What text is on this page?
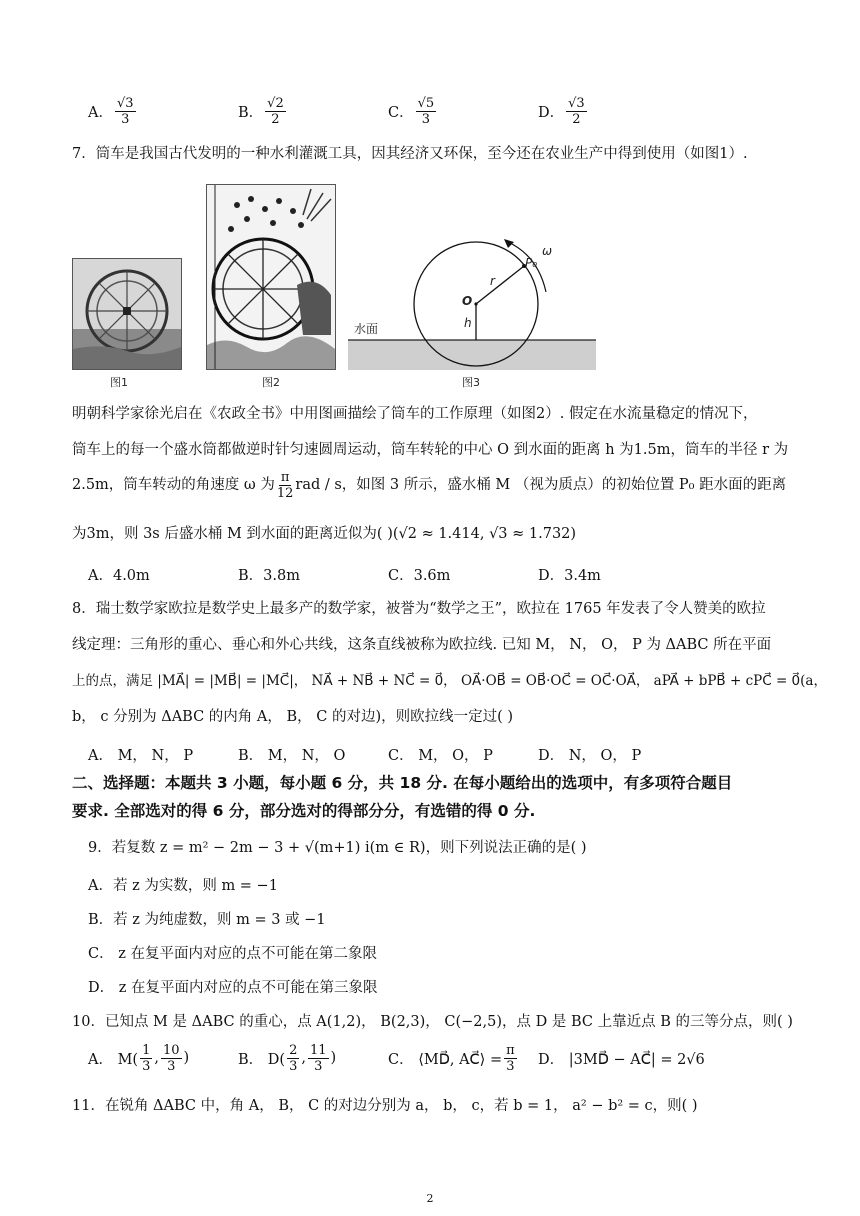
A． $\frac{√3}{3}$	B． $\frac{√2}{2}$	C． $\frac{√5}{3}$	D． $\frac{√3}{2}$
7．筒车是我国古代发明的一种水利灌溉工具，因其经济又环保，至今还在农业生产中得到使用（如图1）.
图1	图2
水面
O
r
h
P₀
ω
图3
明朝科学家徐光启在《农政全书》中用图画描绘了筒车的工作原理（如图2）. 假定在水流量稳定的情况下，
筒车上的每一个盛水筒都做逆时针匀速圆周运动，筒车转轮的中心 O 到水面的距离 h 为1.5m，筒车的半径 r 为
2.5m，筒车转动的角速度 ω 为 $\frac{\pi}{12}$ rad / s，如图 3 所示，盛水桶 M （视为质点）的初始位置 P₀ 距水面的距离
为3m，则 3s 后盛水桶 M 到水面的距离近似为( )(√2 ≈ 1.414, √3 ≈ 1.732)
A．4.0m	B．3.8m	C．3.6m	D．3.4m
8．瑞士数学家欧拉是数学史上最多产的数学家，被誉为“数学之王”，欧拉在 1765 年发表了令人赞美的欧拉
线定理：三角形的重心、垂心和外心共线，这条直线被称为欧拉线. 已知 M， N， O， P 为 ΔABC 所在平面
上的点，满足 |MA⃗| = |MB⃗| = |MC⃗|， NA⃗ + NB⃗ + NC⃗ = 0⃗， OA⃗·OB⃗ = OB⃗·OC⃗ = OC⃗·OA⃗， aPA⃗ + bPB⃗ + cPC⃗ = 0⃗(a，
b， c 分别为 ΔABC 的内角 A， B， C 的对边)，则欧拉线一定过( )
A． M， N， P	B． M， N， O	C． M， O， P	D． N， O， P
二、选择题：本题共 3 小题，每小题 6 分，共 18 分. 在每小题给出的选项中，有多项符合题目
要求. 全部选对的得 6 分，部分选对的得部分分，有选错的得 0 分.
9．若复数 z = m² − 2m − 3 + √(m+1) i(m ∈ R)，则下列说法正确的是( )
A．若 z 为实数，则 m = −1
B．若 z 为纯虚数，则 m = 3 或 −1
C． z 在复平面内对应的点不可能在第二象限
D． z 在复平面内对应的点不可能在第三象限
10．已知点 M 是 ΔABC 的重心，点 A(1,2)， B(2,3)， C(−2,5)，点 D 是 BC 上靠近点 B 的三等分点，则( )
A． $M( \frac{1}{3}$ , $\frac{10}{3}$ )	B． $D( \frac{2}{3}$ , $\frac{11}{3}$ )	C． ⟨MD⃗, AC⃗⟩ = $\frac{\pi}{3}$ D． |3MD⃗ − AC⃗| = 2√6
11．在锐角 ΔABC 中，角 A， B， C 的对边分别为 a， b， c，若 b = 1， a² − b² = c，则( )
2
